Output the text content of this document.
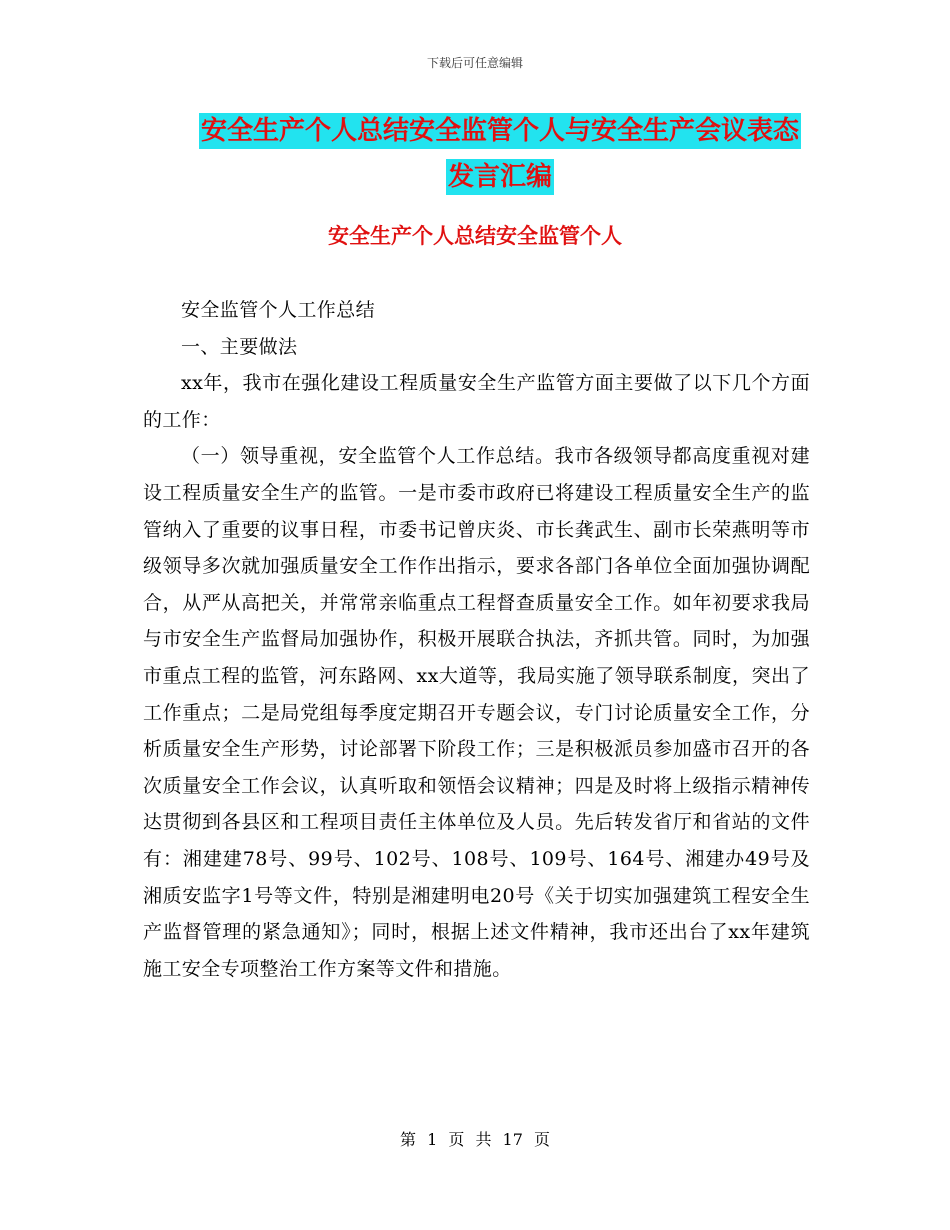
下载后可任意编辑
安全生产个人总结安全监管个人与安全生产会议表态
发言汇编
安全生产个人总结安全监管个人

安全监管个人工作总结

一、主要做法

xx年，我市在强化建设工程质量安全生产监管方面主要做了以下几个方面的工作：

（一）领导重视，安全监管个人工作总结。我市各级领导都高度重视对建设工程质量安全生产的监管。一是市委市政府已将建设工程质量安全生产的监管纳入了重要的议事日程，市委书记曾庆炎、市长龚武生、副市长荣燕明等市级领导多次就加强质量安全工作作出指示，要求各部门各单位全面加强协调配合，从严从高把关，并常常亲临重点工程督查质量安全工作。如年初要求我局与市安全生产监督局加强协作，积极开展联合执法，齐抓共管。同时，为加强市重点工程的监管，河东路网、xx大道等，我局实施了领导联系制度，突出了工作重点；二是局党组每季度定期召开专题会议，专门讨论质量安全工作，分析质量安全生产形势，讨论部署下阶段工作；三是积极派员参加盛市召开的各次质量安全工作会议，认真听取和领悟会议精神；四是及时将上级指示精神传达贯彻到各县区和工程项目责任主体单位及人员。先后转发省厅和省站的文件有：湘建建78号、99号、102号、108号、109号、164号、湘建办49号及湘质安监字1号等文件，特别是湘建明电20号《关于切实加强建筑工程安全生产监督管理的紧急通知》；同时，根据上述文件精神，我市还出台了xx年建筑施工安全专项整治工作方案等文件和措施。

第 1 页 共 17 页
